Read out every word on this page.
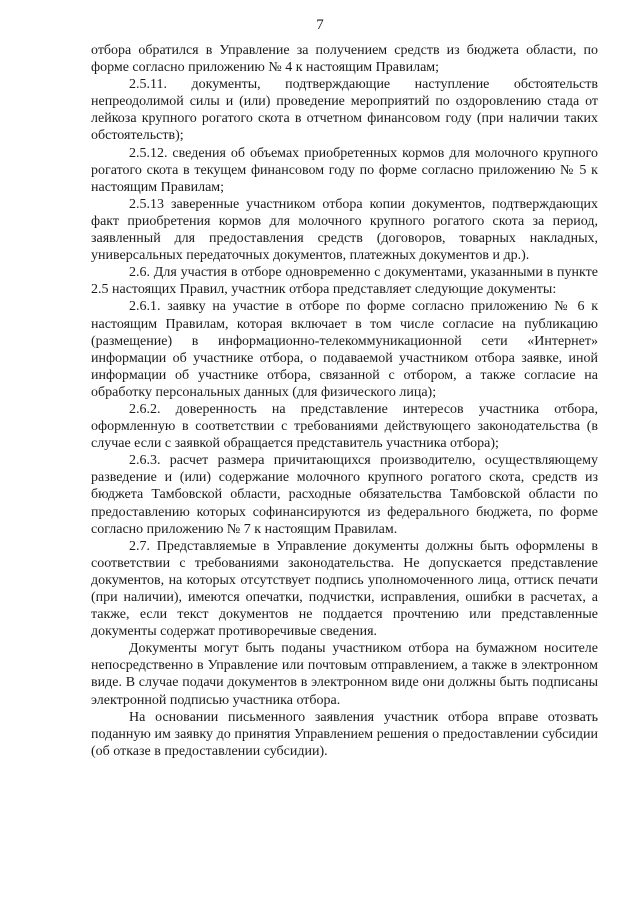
7

отбора обратился в Управление за получением средств из бюджета области, по форме согласно приложению № 4 к настоящим Правилам;

2.5.11. документы, подтверждающие наступление обстоятельств непреодолимой силы и (или) проведение мероприятий по оздоровлению стада от лейкоза крупного рогатого скота в отчетном финансовом году (при наличии таких обстоятельств);

2.5.12. сведения об объемах приобретенных кормов для молочного крупного рогатого скота в текущем финансовом году по форме согласно приложению № 5 к настоящим Правилам;

2.5.13 заверенные участником отбора копии документов, подтверждающих факт приобретения кормов для молочного крупного рогатого скота за период, заявленный для предоставления средств (договоров, товарных накладных, универсальных передаточных документов, платежных документов и др.).

2.6. Для участия в отборе одновременно с документами, указанными в пункте 2.5 настоящих Правил, участник отбора представляет следующие документы:

2.6.1. заявку на участие в отборе по форме согласно приложению № 6 к настоящим Правилам, которая включает в том числе согласие на публикацию (размещение) в информационно-телекоммуникационной сети «Интернет» информации об участнике отбора, о подаваемой участником отбора заявке, иной информации об участнике отбора, связанной с отбором, а также согласие на обработку персональных данных (для физического лица);

2.6.2. доверенность на представление интересов участника отбора, оформленную в соответствии с требованиями действующего законодательства (в случае если с заявкой обращается представитель участника отбора);

2.6.3. расчет размера причитающихся производителю, осуществляющему разведение и (или) содержание молочного крупного рогатого скота, средств из бюджета Тамбовской области, расходные обязательства Тамбовской области по предоставлению которых софинансируются из федерального бюджета, по форме согласно приложению № 7 к настоящим Правилам.

2.7. Представляемые в Управление документы должны быть оформлены в соответствии с требованиями законодательства. Не допускается представление документов, на которых отсутствует подпись уполномоченного лица, оттиск печати (при наличии), имеются опечатки, подчистки, исправления, ошибки в расчетах, а также, если текст документов не поддается прочтению или представленные документы содержат противоречивые сведения.

Документы могут быть поданы участником отбора на бумажном носителе непосредственно в Управление или почтовым отправлением, а также в электронном виде. В случае подачи документов в электронном виде они должны быть подписаны электронной подписью участника отбора.

На основании письменного заявления участник отбора вправе отозвать поданную им заявку до принятия Управлением решения о предоставлении субсидии (об отказе в предоставлении субсидии).
